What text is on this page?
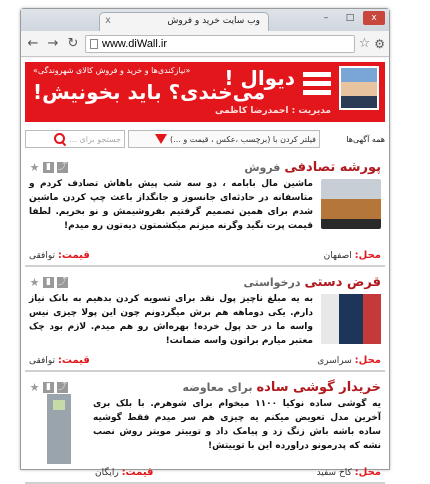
وب سایت خرید و فروش
x	–	□	x
← → ↻ www.diWall.ir	☆ ⚙
دیوال !
مدیریت : احمدرضا کاظمی
«نیازکندی‌ها و خرید و فروش کالای شهروندگی»
می‌خندی؟ باید بخونیش!
همه آگهی‌ها
فیلتر کردن با (برچسب ،عکس ، قیمت و ...)
جستجو برای ...
پورشه تصادفی
فروش
⤴
▮
★
ماشین مال بابامه ، دو سه شب پیش باهاش تصادف کردم و متاسفانه در حادثه‌ای جانسوز و جانگداز باعث چپ کردن ماشین شدم برای همین تصمیم گرفتیم بفروشیمش و نو بخریم. لطفا قیمت پرت نگید وگرنه میزنم میکشمتون دیه‌تون رو میدم!
محل: اصفهان
قیمت: توافقی
قرض دستی
درخواستی
⤴
▮
★
به یه مبلغ ناچیز پول نقد برای تسویه کردن بدهیم به بانک نیاز دارم. یکی دوماهه هم برش میگردونم چون این پولا چیزی نیس واسه ما در حد پول خرده! بهره‌اش رو هم میدم. لازم بود چک معتبر میارم براتون واسه ضمانت!
محل: سراسری
قیمت: توافقی
خریدار گوشی ساده
برای معاوضه
⤴
▮
★
یه گوشی ساده نوکیا ۱۱۰۰ میخوام برای شوهرم. با بلک بری آخرین مدل تعویض میکنم یه چیزی هم سر میدم فقط گوشیه ساده باشه باش زنگ زد و پیامک داد و توییتر مویتر روش نصب نشه که پدرمونو دراورده این با توییتش!
محل: کاخ سفید
قیمت: رایگان
